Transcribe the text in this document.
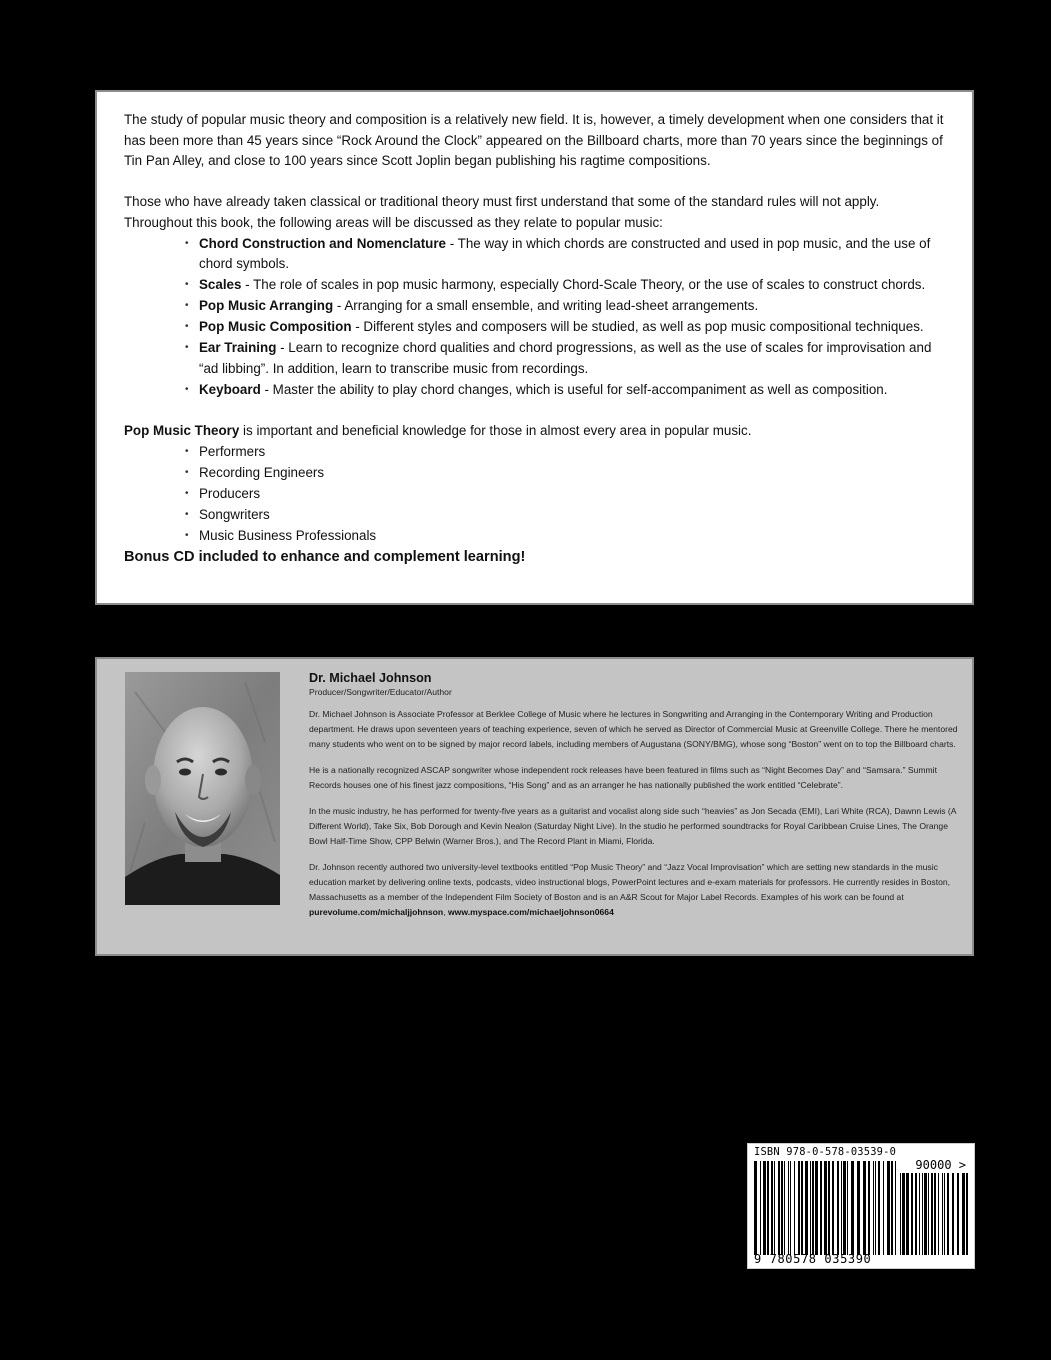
The study of popular music theory and composition is a relatively new field. It is, however, a timely development when one considers that it has been more than 45 years since “Rock Around the Clock” appeared on the Billboard charts, more than 70 years since the beginnings of Tin Pan Alley, and close to 100 years since Scott Joplin began publishing his ragtime compositions.

Those who have already taken classical or traditional theory must first understand that some of the standard rules will not apply. Throughout this book, the following areas will be discussed as they relate to popular music:

• Chord Construction and Nomenclature - The way in which chords are constructed and used in pop music, and the use of
chord symbols.
• Scales - The role of scales in pop music harmony, especially Chord-Scale Theory, or the use of scales to construct chords.
• Pop Music Arranging - Arranging for a small ensemble, and writing lead-sheet arrangements.
• Pop Music Composition - Different styles and composers will be studied, as well as pop music compositional techniques.
• Ear Training - Learn to recognize chord qualities and chord progressions, as well as the use of scales for improvisation and
“ad libbing”. In addition, learn to transcribe music from recordings.
• Keyboard - Master the ability to play chord changes, which is useful for self-accompaniment as well as composition.

Pop Music Theory is important and beneficial knowledge for those in almost every area in popular music.

• Performers
• Recording Engineers
• Producers
• Songwriters
• Music Business Professionals

Bonus CD included to enhance and complement learning!

Dr. Michael Johnson
Producer/Songwriter/Educator/Author

Dr. Michael Johnson is Associate Professor at Berklee College of Music where he lectures in Songwriting and Arranging in the Contemporary Writing and Production department. He draws upon seventeen years of teaching experience, seven of which he served as Director of Commercial Music at Greenville College. There he mentored many students who went on to be signed by major record labels, including members of Augustana (SONY/BMG), whose song “Boston” went on to top the Billboard charts.

He is a nationally recognized ASCAP songwriter whose independent rock releases have been featured in films such as “Night Becomes Day” and “Samsara.” Summit Records houses one of his finest jazz compositions, “His Song” and as an arranger he has nationally published the work entitled “Celebrate”.

In the music industry, he has performed for twenty-five years as a guitarist and vocalist along side such “heavies” as Jon Secada (EMI), Lari White (RCA), Dawnn Lewis (A Different World), Take Six, Bob Dorough and Kevin Nealon (Saturday Night Live). In the studio he performed soundtracks for Royal Caribbean Cruise Lines, The Orange Bowl Half-Time Show, CPP Belwin (Warner Bros.), and The Record Plant in Miami, Florida.

Dr. Johnson recently authored two university-level textbooks entitled “Pop Music Theory” and “Jazz Vocal Improvisation” which are setting new standards in the music education market by delivering online texts, podcasts, video instructional blogs, PowerPoint lectures and e-exam materials for professors. He currently resides in Boston, Massachusetts as a member of the Independent Film Society of Boston and is an A&R Scout for Major Label Records. Examples of his work can be found at purevolume.com/michaljjohnson, www.myspace.com/michaeljohnson0664

ISBN 978-0-578-03539-0
90000 >
9 780578 035390
